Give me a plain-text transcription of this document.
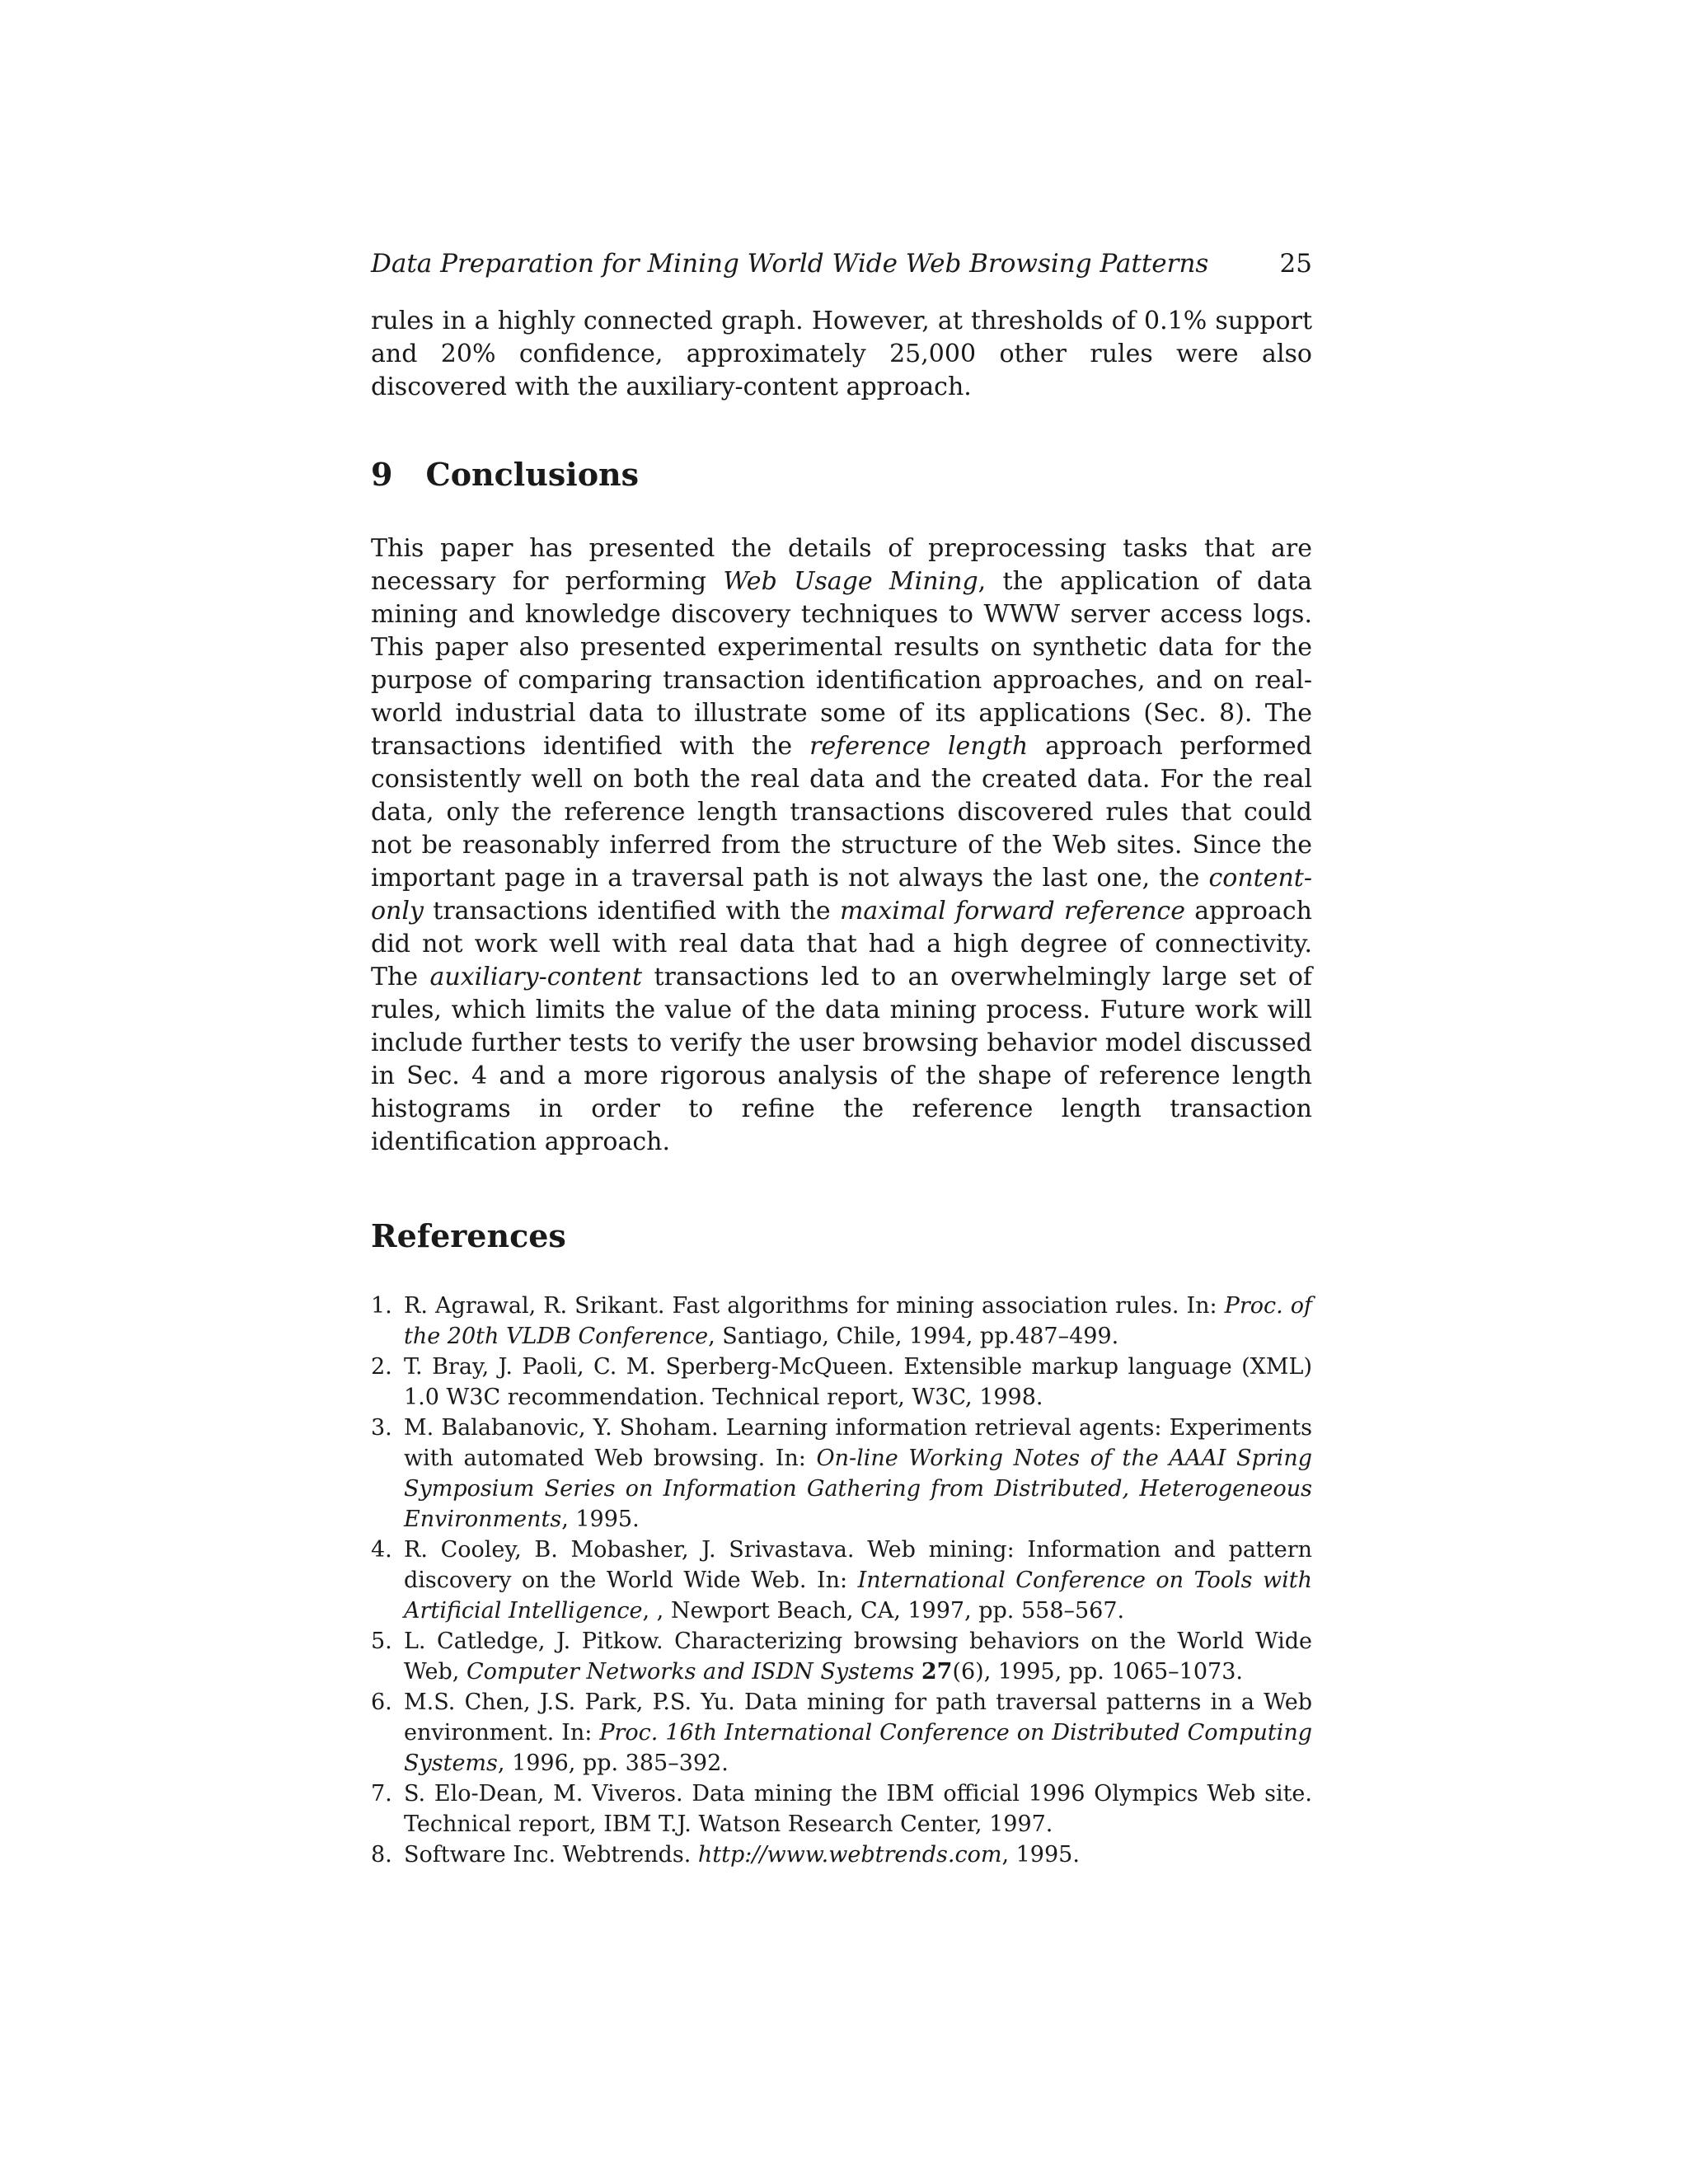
Data Preparation for Mining World Wide Web Browsing Patterns	25

rules in a highly connected graph. However, at thresholds of 0.1% support and 20% confidence, approximately 25,000 other rules were also discovered with the auxiliary-content approach.

9 Conclusions

This paper has presented the details of preprocessing tasks that are necessary for performing Web Usage Mining, the application of data mining and knowledge discovery techniques to WWW server access logs. This paper also presented experimental results on synthetic data for the purpose of comparing transaction identification approaches, and on real-world industrial data to illustrate some of its applications (Sec. 8). The transactions identified with the reference length approach performed consistently well on both the real data and the created data. For the real data, only the reference length transactions discovered rules that could not be reasonably inferred from the structure of the Web sites. Since the important page in a traversal path is not always the last one, the content-only transactions identified with the maximal forward reference approach did not work well with real data that had a high degree of connectivity. The auxiliary-content transactions led to an overwhelmingly large set of rules, which limits the value of the data mining process. Future work will include further tests to verify the user browsing behavior model discussed in Sec. 4 and a more rigorous analysis of the shape of reference length histograms in order to refine the reference length transaction identification approach.

References
1. R. Agrawal, R. Srikant. Fast algorithms for mining association rules. In: Proc. of the 20th VLDB Conference, Santiago, Chile, 1994, pp.487–499.
2. T. Bray, J. Paoli, C. M. Sperberg-McQueen. Extensible markup language (XML) 1.0 W3C recommendation. Technical report, W3C, 1998.
3. M. Balabanovic, Y. Shoham. Learning information retrieval agents: Experiments with automated Web browsing. In: On-line Working Notes of the AAAI Spring Symposium Series on Information Gathering from Distributed, Heterogeneous Environments, 1995.
4. R. Cooley, B. Mobasher, J. Srivastava. Web mining: Information and pattern discovery on the World Wide Web. In: International Conference on Tools with Artificial Intelligence, , Newport Beach, CA, 1997, pp. 558–567.
5. L. Catledge, J. Pitkow. Characterizing browsing behaviors on the World Wide Web, Computer Networks and ISDN Systems 27(6), 1995, pp. 1065–1073.
6. M.S. Chen, J.S. Park, P.S. Yu. Data mining for path traversal patterns in a Web environment. In: Proc. 16th International Conference on Distributed Computing Systems, 1996, pp. 385–392.
7. S. Elo-Dean, M. Viveros. Data mining the IBM official 1996 Olympics Web site. Technical report, IBM T.J. Watson Research Center, 1997.
8. Software Inc. Webtrends. http://www.webtrends.com, 1995.
